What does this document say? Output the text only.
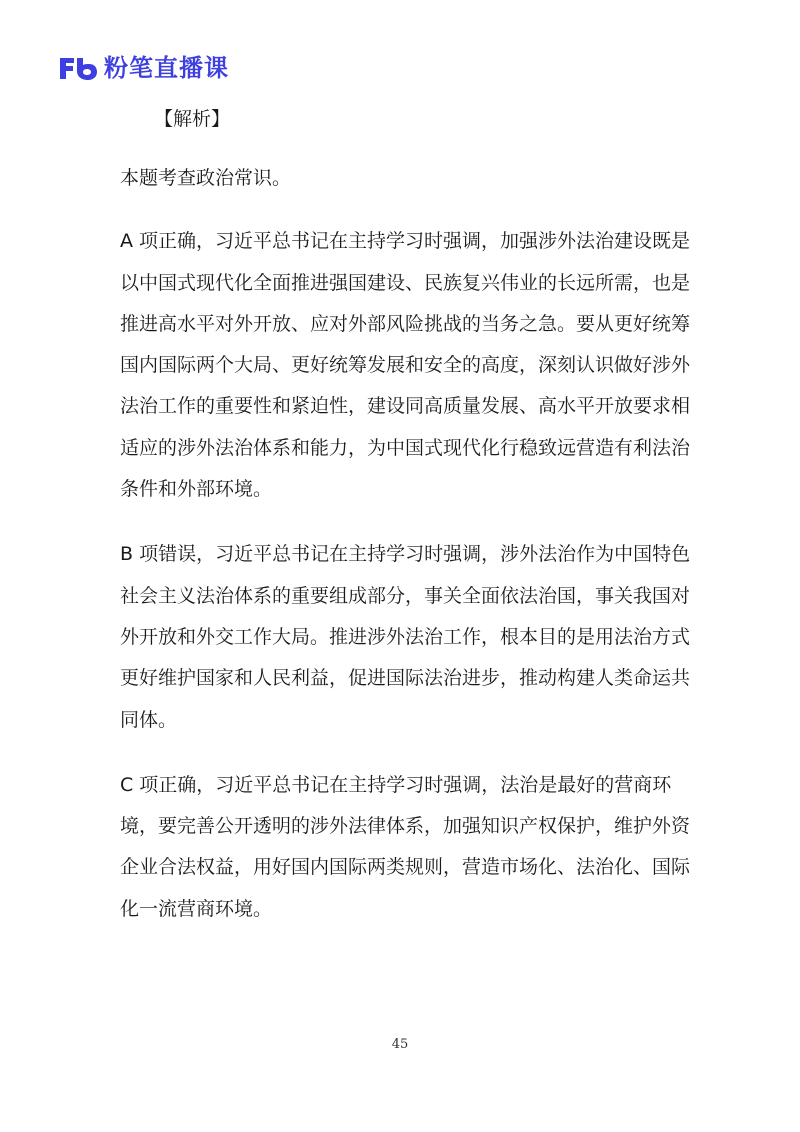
粉笔直播课
【解析】

本题考查政治常识。

A 项正确，习近平总书记在主持学习时强调，加强涉外法治建设既是以中国式现代化全面推进强国建设、民族复兴伟业的长远所需，也是推进高水平对外开放、应对外部风险挑战的当务之急。要从更好统筹国内国际两个大局、更好统筹发展和安全的高度，深刻认识做好涉外法治工作的重要性和紧迫性，建设同高质量发展、高水平开放要求相适应的涉外法治体系和能力，为中国式现代化行稳致远营造有利法治条件和外部环境。

B 项错误，习近平总书记在主持学习时强调，涉外法治作为中国特色社会主义法治体系的重要组成部分，事关全面依法治国，事关我国对外开放和外交工作大局。推进涉外法治工作，根本目的是用法治方式更好维护国家和人民利益，促进国际法治进步，推动构建人类命运共同体。

C 项正确，习近平总书记在主持学习时强调，法治是最好的营商环境，要完善公开透明的涉外法律体系，加强知识产权保护，维护外资企业合法权益，用好国内国际两类规则，营造市场化、法治化、国际化一流营商环境。

45
